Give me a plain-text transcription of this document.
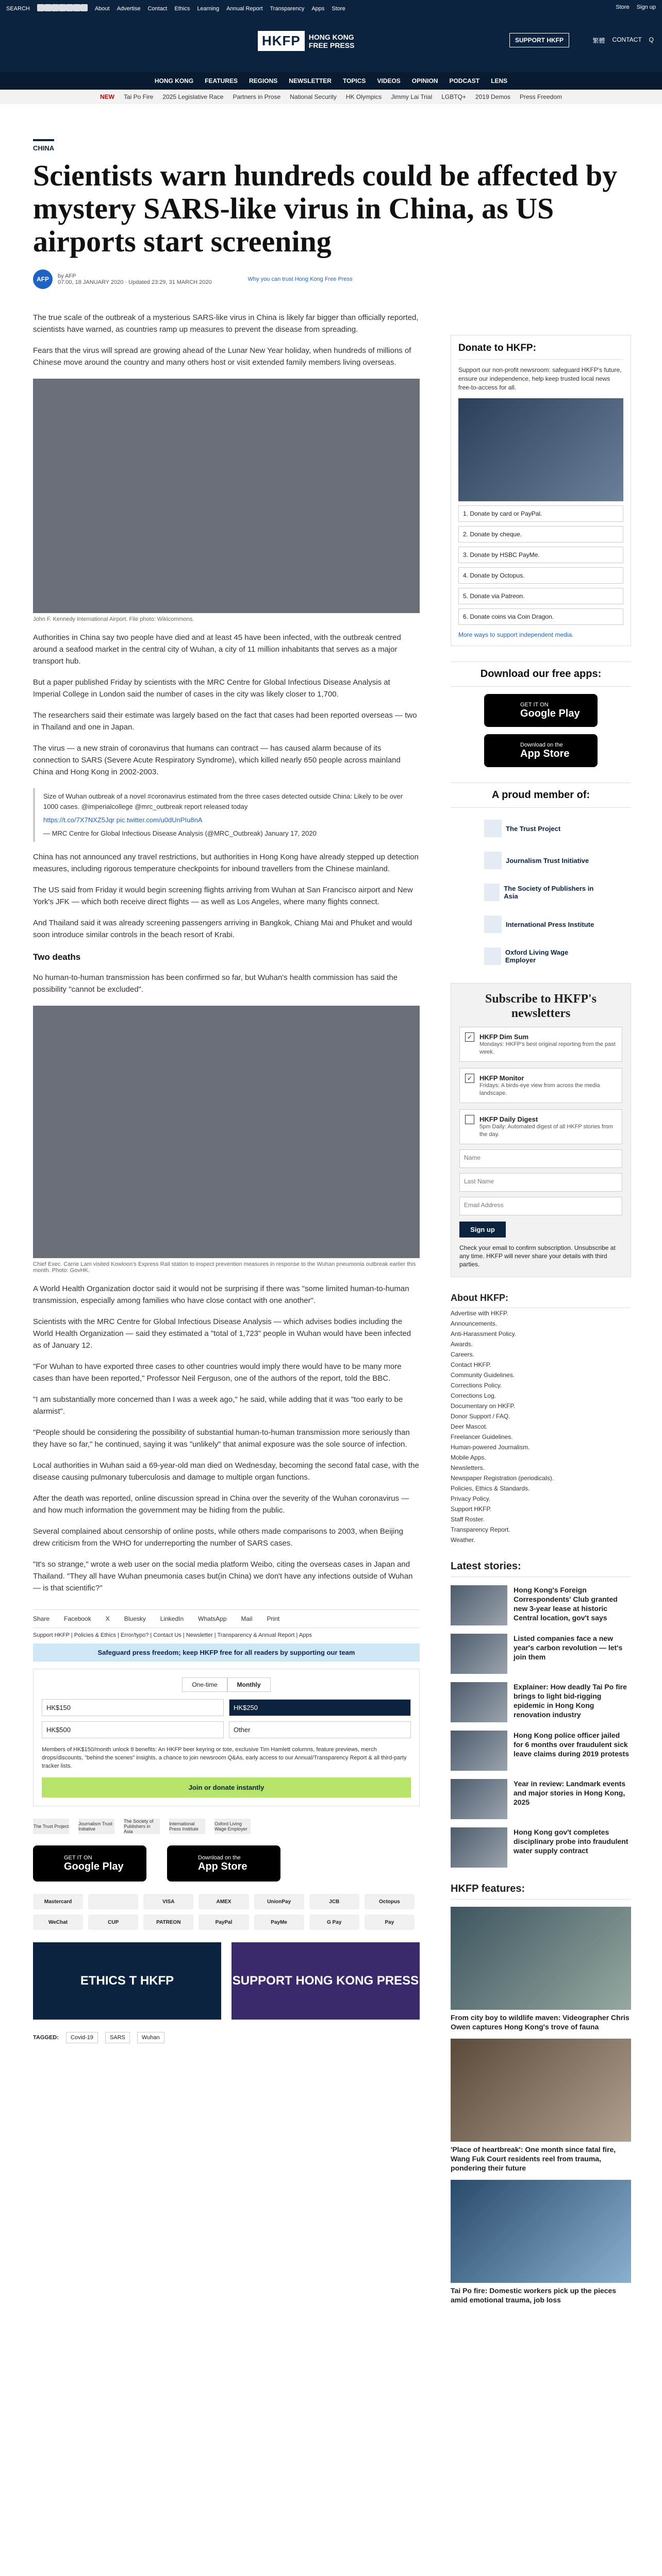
SEARCH	About Advertise Contact Ethics Learning Annual Report Transparency Apps Store	Store Sign up
HKFP	HONG KONG
FREE PRESS
SUPPORT HKFP	繁體 CONTACT Q
HONG KONG FEATURES REGIONS NEWSLETTER TOPICS VIDEOS OPINION PODCAST LENS
NEW Tai Po Fire 2025 Legislative Race Partners in Prose National Security HK Olympics Jimmy Lai Trial LGBTQ+ 2019 Demos Press Freedom
CHINA
Scientists warn hundreds could be affected by mystery SARS-like virus in China, as US airports start screening
AFP	by AFP
07:00, 18 JANUARY 2020 · Updated 23:29, 31 MARCH 2020	Why you can trust Hong Kong Free Press

The true scale of the outbreak of a mysterious SARS-like virus in China is likely far bigger than officially reported, scientists have warned, as countries ramp up measures to prevent the disease from spreading.

Fears that the virus will spread are growing ahead of the Lunar New Year holiday, when hundreds of millions of Chinese move around the country and many others host or visit extended family members living overseas.

John F. Kennedy International Airport. File photo: Wikicommons.

Authorities in China say two people have died and at least 45 have been infected, with the outbreak centred around a seafood market in the central city of Wuhan, a city of 11 million inhabitants that serves as a major transport hub.

But a paper published Friday by scientists with the MRC Centre for Global Infectious Disease Analysis at Imperial College in London said the number of cases in the city was likely closer to 1,700.

The researchers said their estimate was largely based on the fact that cases had been reported overseas — two in Thailand and one in Japan.

The virus — a new strain of coronavirus that humans can contract — has caused alarm because of its connection to SARS (Severe Acute Respiratory Syndrome), which killed nearly 650 people across mainland China and Hong Kong in 2002-2003.

Size of Wuhan outbreak of a novel #coronavirus estimated from the three cases detected outside China: Likely to be over 1000 cases. @imperialcollege @mrc_outbreak report released today
https://t.co/7X7NXZ5Jqr pic.twitter.com/u0dUnPIu8nA
— MRC Centre for Global Infectious Disease Analysis (@MRC_Outbreak) January 17, 2020

China has not announced any travel restrictions, but authorities in Hong Kong have already stepped up detection measures, including rigorous temperature checkpoints for inbound travellers from the Chinese mainland.

The US said from Friday it would begin screening flights arriving from Wuhan at San Francisco airport and New York's JFK — which both receive direct flights — as well as Los Angeles, where many flights connect.

And Thailand said it was already screening passengers arriving in Bangkok, Chiang Mai and Phuket and would soon introduce similar controls in the beach resort of Krabi.

Two deaths

No human-to-human transmission has been confirmed so far, but Wuhan's health commission has said the possibility "cannot be excluded".

Chief Exec. Carrie Lam visited Kowloon's Express Rail station to inspect prevention measures in response to the Wuhan pneumonia outbreak earlier this month. Photo: GovHK.

A World Health Organization doctor said it would not be surprising if there was "some limited human-to-human transmission, especially among families who have close contact with one another".

Scientists with the MRC Centre for Global Infectious Disease Analysis — which advises bodies including the World Health Organization — said they estimated a "total of 1,723" people in Wuhan would have been infected as of January 12.

"For Wuhan to have exported three cases to other countries would imply there would have to be many more cases than have been reported," Professor Neil Ferguson, one of the authors of the report, told the BBC.

"I am substantially more concerned than I was a week ago," he said, while adding that it was "too early to be alarmist".

"People should be considering the possibility of substantial human-to-human transmission more seriously than they have so far," he continued, saying it was "unlikely" that animal exposure was the sole source of infection.

Local authorities in Wuhan said a 69-year-old man died on Wednesday, becoming the second fatal case, with the disease causing pulmonary tuberculosis and damage to multiple organ functions.

After the death was reported, online discussion spread in China over the severity of the Wuhan coronavirus — and how much information the government may be hiding from the public.

Several complained about censorship of online posts, while others made comparisons to 2003, when Beijing drew criticism from the WHO for underreporting the number of SARS cases.

"It's so strange," wrote a web user on the social media platform Weibo, citing the overseas cases in Japan and Thailand. "They all have Wuhan pneumonia cases but(in China) we don't have any infections outside of Wuhan — is that scientific?"

Share Facebook X Bluesky LinkedIn WhatsApp Mail Print
Support HKFP | Policies & Ethics | Error/typo? | Contact Us | Newsletter | Transparency & Annual Report | Apps
Safeguard press freedom; keep HKFP free for all readers by supporting our team
One-time	Monthly
HK$150	HK$250
HK$500	Other
Members of HK$150/month unlock 8 benefits: An HKFP beer keyring or tote, exclusive Tim Hamlett columns, feature previews, merch drops/discounts, "behind the scenes" insights, a chance to join newsroom Q&As, early access to our Annual/Transparency Report & all third-party tracker lists.
Join or donate instantly
The Trust Project Journalism Trust Initiative
The Society of Publishers in Asia
International Press Institute
Oxford Living Wage Employer
GET IT ON
Google Play
Download on the
App Store
Mastercard	VISA	AMEX	UnionPay	JCB	Octopus
WeChat	CUP	PATREON	PayPal	PayMe	G Pay	Pay
ETHICS T HKFP	SUPPORT HONG KONG PRESS
TAGGED:	Covid-19	SARS	Wuhan
Donate to HKFP:
Support our non-profit newsroom: safeguard HKFP's future, ensure our independence, help keep trusted local news free-to-access for all.
1. Donate by card or PayPal.
2. Donate by cheque.
3. Donate by HSBC PayMe.
4. Donate by Octopus.
5. Donate via Patreon.
6. Donate coins via Coin Dragon.
More ways to support independent media.
Download our free apps:
GET IT ON
Google Play
Download on the
App Store
A proud member of:
The Trust Project
Journalism Trust Initiative
The Society of Publishers in Asia
International Press Institute
Oxford Living Wage Employer
Subscribe to HKFP's newsletters
✓	HKFP Dim Sum

Mondays: HKFP's best original reporting from the past week.

✓	HKFP Monitor

Fridays: A birds-eye view from across the media landscape.

HKFP Daily Digest

5pm Daily: Automated digest of all HKFP stories from the day.

Name
Last Name
Email Address
Sign up
Check your email to confirm subscription. Unsubscribe at any time. HKFP will never share your details with third parties.
About HKFP:
Advertise with HKFP.
Announcements.
Anti-Harassment Policy.
Awards.
Careers.
Contact HKFP.
Community Guidelines.
Corrections Policy.
Corrections Log.
Documentary on HKFP.
Donor Support / FAQ.
Deer Mascot.
Freelancer Guidelines.
Human-powered Journalism.
Mobile Apps.
Newsletters.
Newspaper Registration (periodicals).
Policies, Ethics & Standards.
Privacy Policy.
Support HKFP.
Staff Roster.
Transparency Report.
Weather.
Latest stories:
Hong Kong's Foreign Correspondents' Club granted new 3-year lease at historic Central location, gov't says
Listed companies face a new year's carbon revolution — let's join them
Explainer: How deadly Tai Po fire brings to light bid-rigging epidemic in Hong Kong renovation industry
Hong Kong police officer jailed for 6 months over fraudulent sick leave claims during 2019 protests
Year in review: Landmark events and major stories in Hong Kong, 2025
Hong Kong gov't completes disciplinary probe into fraudulent water supply contract
HKFP features:
From city boy to wildlife maven: Videographer Chris Owen captures Hong Kong's trove of fauna
'Place of heartbreak': One month since fatal fire, Wang Fuk Court residents reel from trauma, pondering their future
Tai Po fire: Domestic workers pick up the pieces amid emotional trauma, job loss
